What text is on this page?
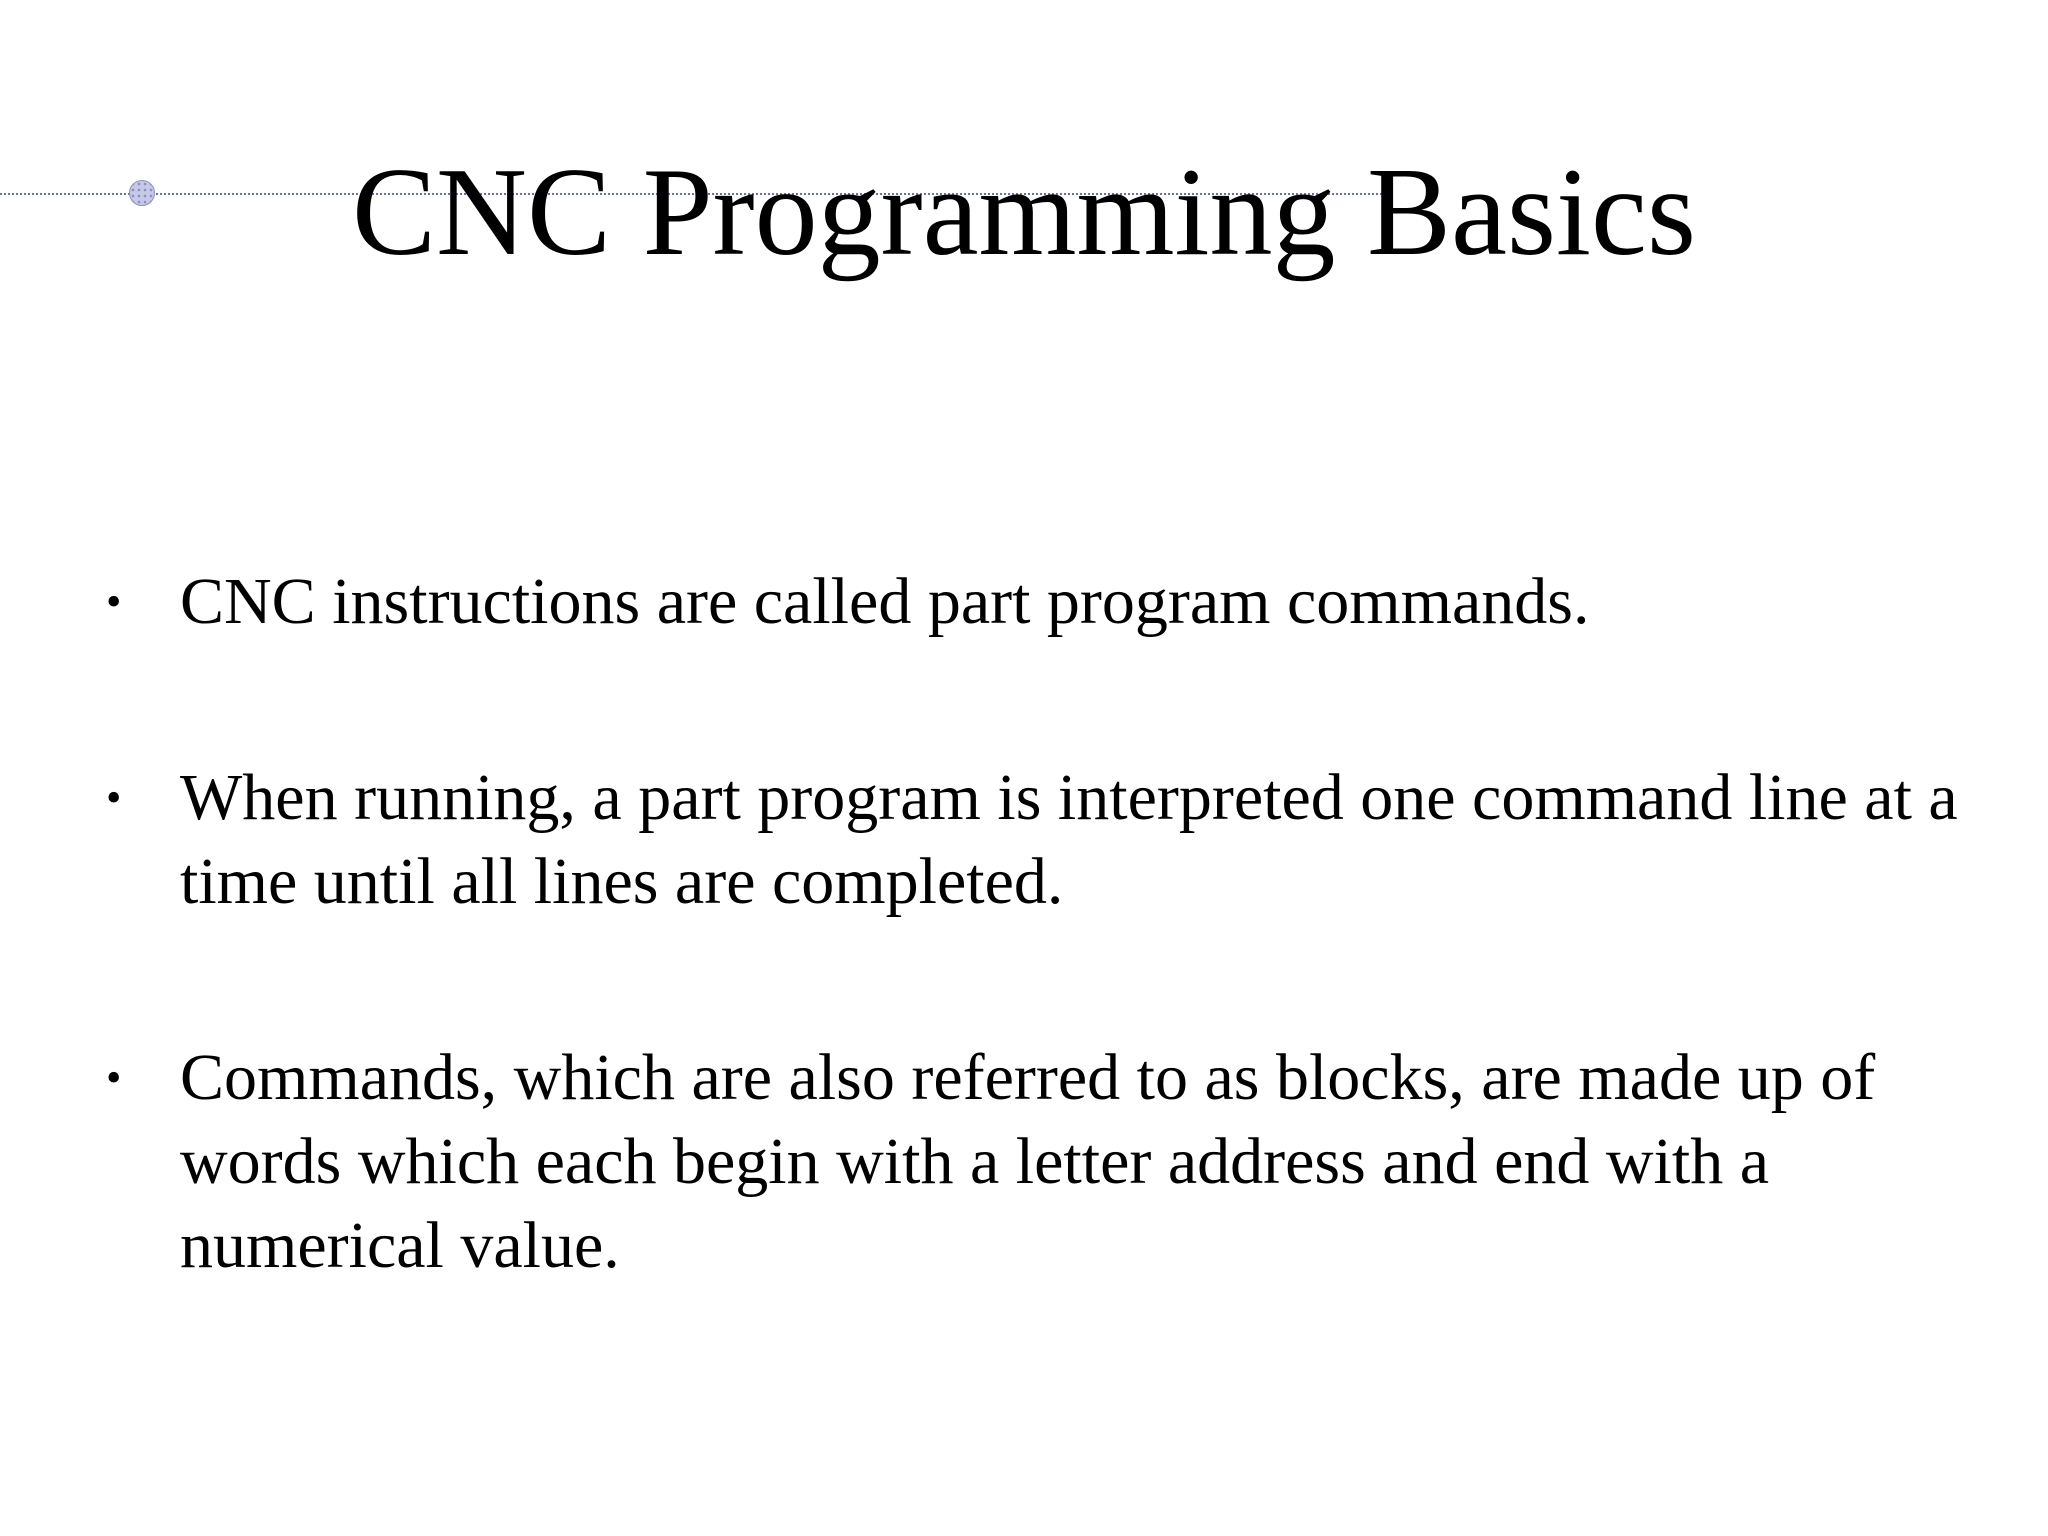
CNC Programming Basics
• CNC instructions are called part program commands.
• When running, a part program is interpreted one command line at a time until all lines are completed.
• Commands, which are also referred to as blocks, are made up of words which each begin with a letter address and end with a numerical value.
